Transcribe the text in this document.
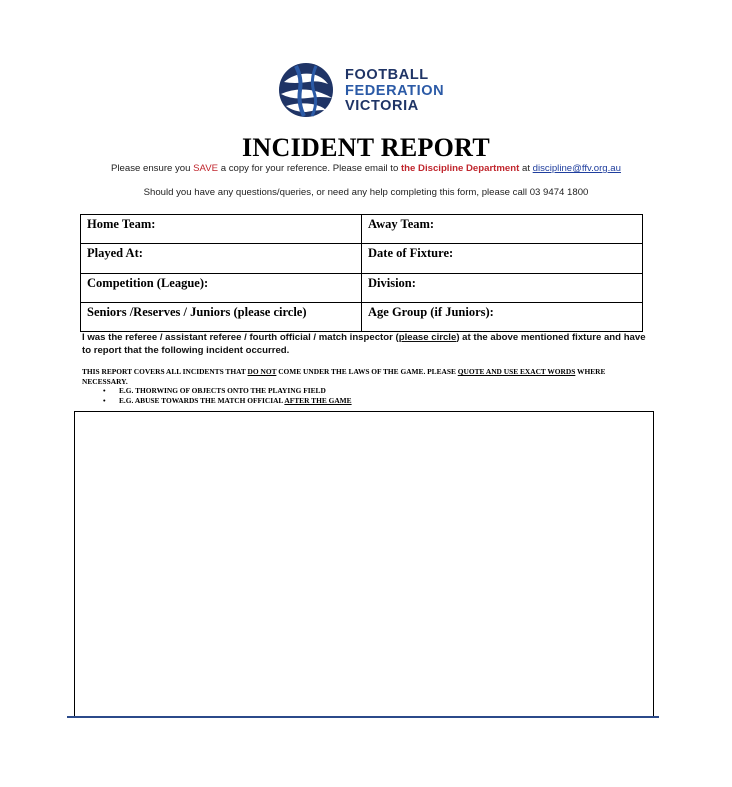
FOOTBALL
FEDERATION
VICTORIA
INCIDENT REPORT
Please ensure you SAVE a copy for your reference. Please email to the Discipline Department at discipline@ffv.org.au
Should you have any questions/queries, or need any help completing this form, please call 03 9474 1800
Home Team:	Away Team:
Played At:	Date of Fixture:
Competition (League):	Division:
Seniors /Reserves / Juniors (please circle)	Age Group (if Juniors):
I was the referee / assistant referee / fourth official / match inspector (please circle) at the above mentioned fixture and have to report that the following incident occurred.
THIS REPORT COVERS ALL INCIDENTS THAT DO NOT COME UNDER THE LAWS OF THE GAME. PLEASE QUOTE AND USE EXACT WORDS WHERE NECESSARY.
• E.G. THORWING OF OBJECTS ONTO THE PLAYING FIELD
• E.G. ABUSE TOWARDS THE MATCH OFFICIAL AFTER THE GAME
